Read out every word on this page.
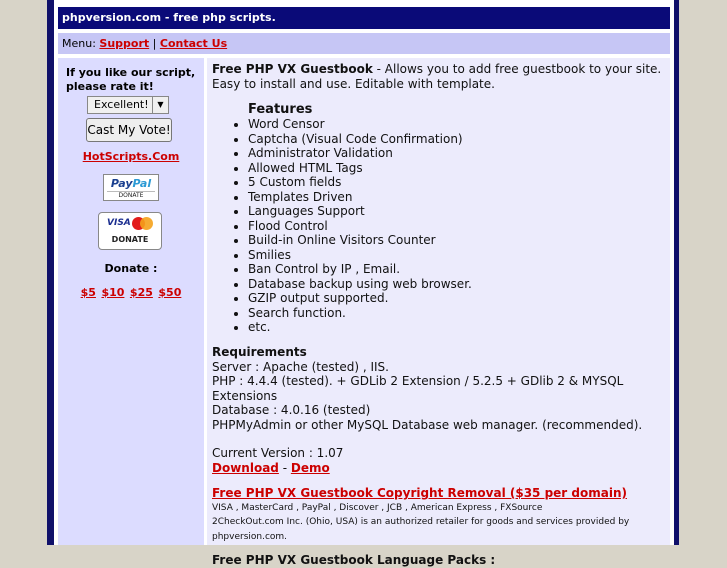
phpversion.com - free php scripts.
Menu: Support | Contact Us
If you like our script, please rate it!
Excellent!	▼
Cast My Vote!
HotScripts.Com
PayPal
DONATE
VISA
DONATE
Donate :
$5 $10 $25 $50

Free PHP VX Guestbook - Allows you to add free guestbook to your site. Easy to install and use. Editable with template.

Features
• Word Censor
• Captcha (Visual Code Confirmation)
• Administrator Validation
• Allowed HTML Tags
• 5 Custom fields
• Templates Driven
• Languages Support
• Flood Control
• Build-in Online Visitors Counter
• Smilies
• Ban Control by IP , Email.
• Database backup using web browser.
• GZIP output supported.
• Search function.
• etc.
Requirements

Server : Apache (tested) , IIS.

PHP : 4.4.4 (tested). + GDLib 2 Extension / 5.2.5 + GDlib 2 & MYSQL Extensions

Database : 4.0.16 (tested)

PHPMyAdmin or other MySQL Database web manager. (recommended).

Current Version : 1.07

Download - Demo

Free PHP VX Guestbook Copyright Removal ($35 per domain)

VISA , MasterCard , PayPal , Discover , JCB , American Express , FXSource

2CheckOut.com Inc. (Ohio, USA) is an authorized retailer for goods and services provided by phpversion.com.

Free PHP VX Guestbook Language Packs :
